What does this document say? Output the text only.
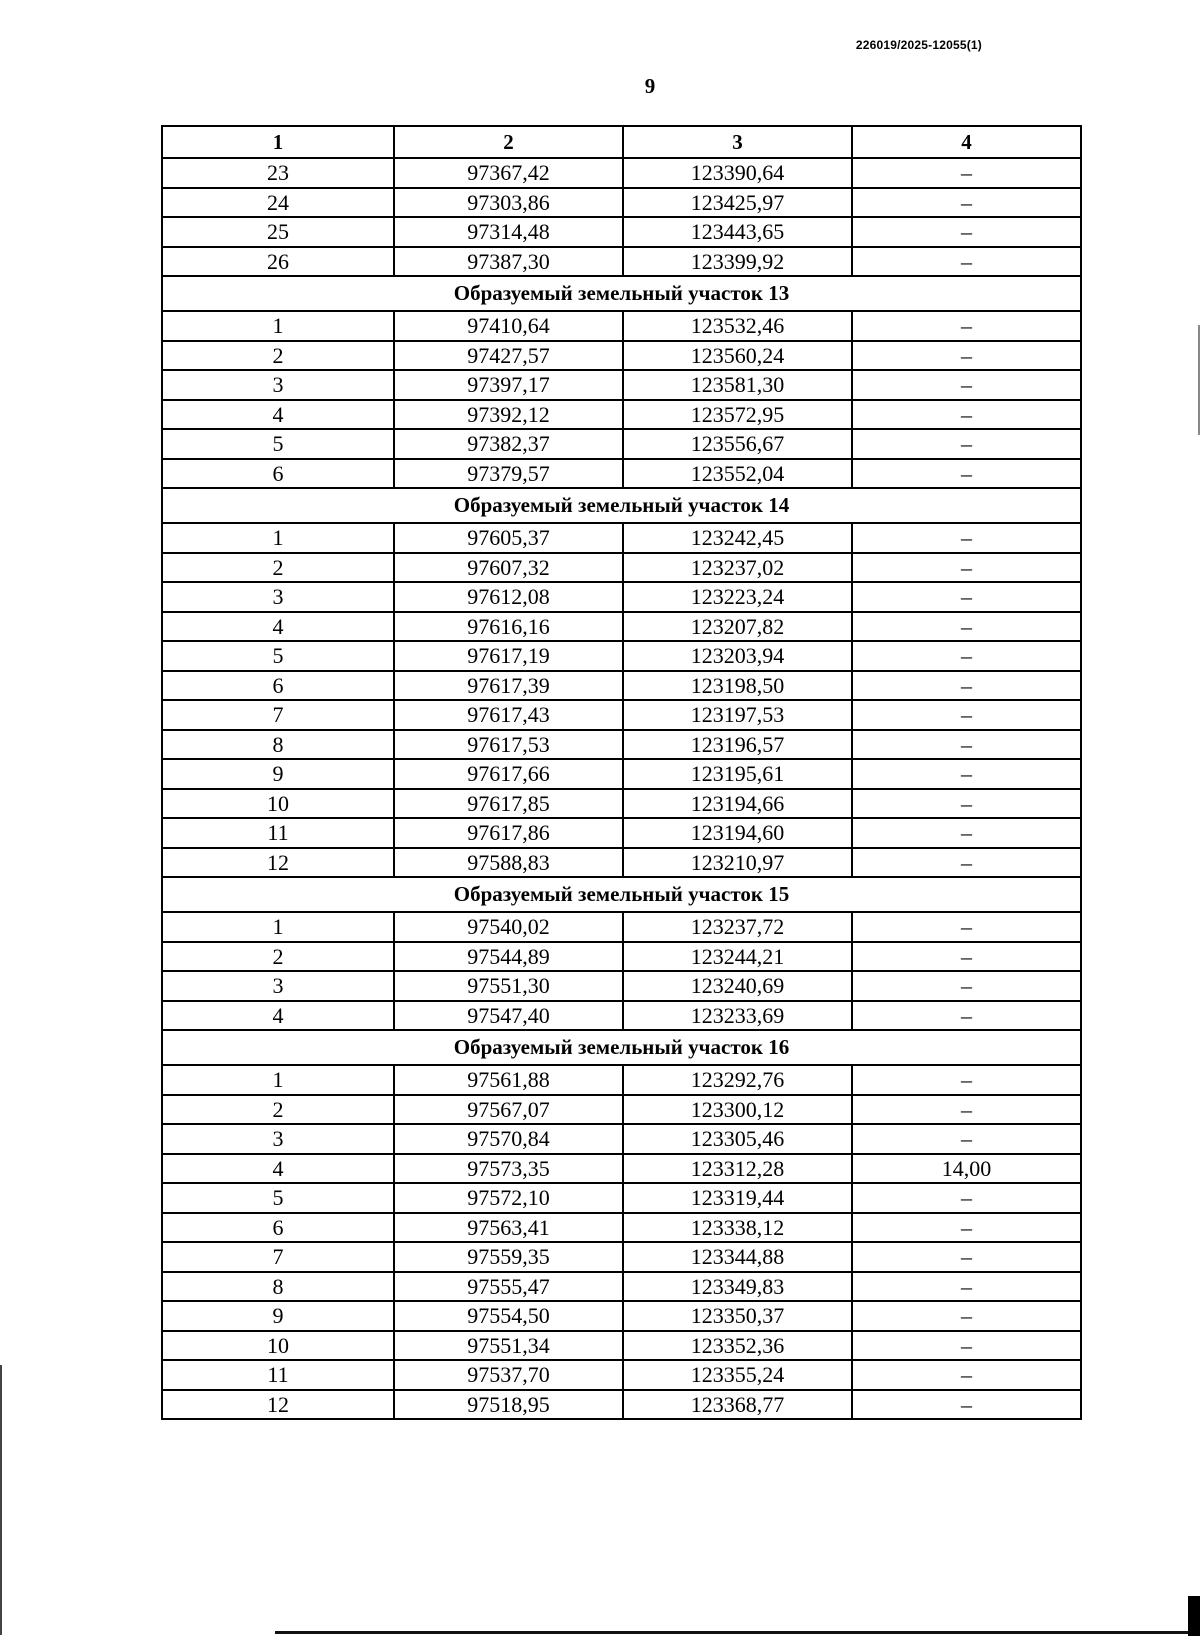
226019/2025-12055(1)
9
1	2	3	4
23	97367,42	123390,64	–
24	97303,86	123425,97	–
25	97314,48	123443,65	–
26	97387,30	123399,92	–
Образуемый земельный участок 13			
1	97410,64	123532,46	–
2	97427,57	123560,24	–
3	97397,17	123581,30	–
4	97392,12	123572,95	–
5	97382,37	123556,67	–
6	97379,57	123552,04	–
Образуемый земельный участок 14			
1	97605,37	123242,45	–
2	97607,32	123237,02	–
3	97612,08	123223,24	–
4	97616,16	123207,82	–
5	97617,19	123203,94	–
6	97617,39	123198,50	–
7	97617,43	123197,53	–
8	97617,53	123196,57	–
9	97617,66	123195,61	–
10	97617,85	123194,66	–
11	97617,86	123194,60	–
12	97588,83	123210,97	–
Образуемый земельный участок 15			
1	97540,02	123237,72	–
2	97544,89	123244,21	–
3	97551,30	123240,69	–
4	97547,40	123233,69	–
Образуемый земельный участок 16			
1	97561,88	123292,76	–
2	97567,07	123300,12	–
3	97570,84	123305,46	–
4	97573,35	123312,28	14,00
5	97572,10	123319,44	–
6	97563,41	123338,12	–
7	97559,35	123344,88	–
8	97555,47	123349,83	–
9	97554,50	123350,37	–
10	97551,34	123352,36	–
11	97537,70	123355,24	–
12	97518,95	123368,77	–
